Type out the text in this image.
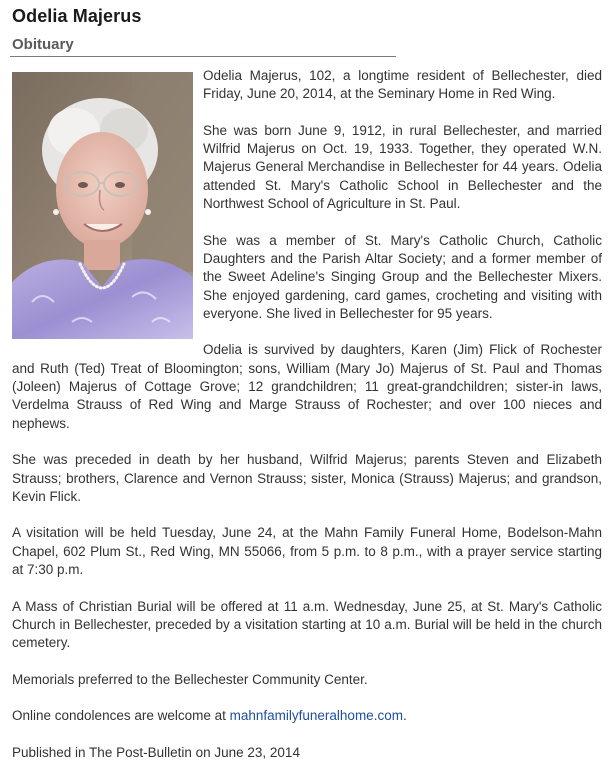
Odelia Majerus
Obituary

Odelia Majerus, 102, a longtime resident of Bellechester, died Friday, June 20, 2014, at the Seminary Home in Red Wing.

She was born June 9, 1912, in rural Bellechester, and married Wilfrid Majerus on Oct. 19, 1933. Together, they operated W.N. Majerus General Merchandise in Bellechester for 44 years. Odelia attended St. Mary's Catholic School in Bellechester and the Northwest School of Agriculture in St. Paul.

She was a member of St. Mary's Catholic Church, Catholic Daughters and the Parish Altar Society; and a former member of the Sweet Adeline's Singing Group and the Bellechester Mixers. She enjoyed gardening, card games, crocheting and visiting with everyone. She lived in Bellechester for 95 years.

Odelia is survived by daughters, Karen (Jim) Flick of Rochester and Ruth (Ted) Treat of Bloomington; sons, William (Mary Jo) Majerus of St. Paul and Thomas (Joleen) Majerus of Cottage Grove; 12 grandchildren; 11 great-grandchildren; sister-in laws, Verdelma Strauss of Red Wing and Marge Strauss of Rochester; and over 100 nieces and nephews.

She was preceded in death by her husband, Wilfrid Majerus; parents Steven and Elizabeth Strauss; brothers, Clarence and Vernon Strauss; sister, Monica (Strauss) Majerus; and grandson, Kevin Flick.

A visitation will be held Tuesday, June 24, at the Mahn Family Funeral Home, Bodelson-Mahn Chapel, 602 Plum St., Red Wing, MN 55066, from 5 p.m. to 8 p.m., with a prayer service starting at 7:30 p.m.

A Mass of Christian Burial will be offered at 11 a.m. Wednesday, June 25, at St. Mary's Catholic Church in Bellechester, preceded by a visitation starting at 10 a.m. Burial will be held in the church cemetery.

Memorials preferred to the Bellechester Community Center.

Online condolences are welcome at mahnfamilyfuneralhome.com.

Published in The Post-Bulletin on June 23, 2014
